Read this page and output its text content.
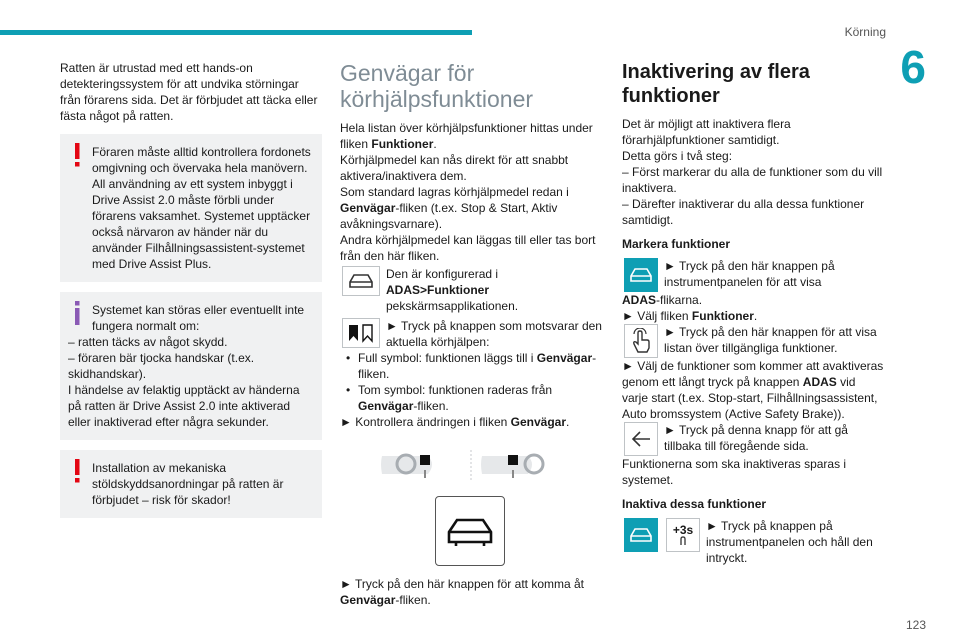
Körning
6

Ratten är utrustad med ett hands-on detekteringssystem för att undvika störningar från förarens sida. Det är förbjudet att täcka eller fästa något på ratten.

Föraren måste alltid kontrollera fordonets omgivning och övervaka hela manövern. All användning av ett system inbyggt i Drive Assist 2.0 måste förbli under förarens vaksamhet. Systemet upptäcker också närvaron av händer när du använder Filhållningsassistent-systemet med Drive Assist Plus.

Systemet kan störas eller eventuellt inte fungera normalt om:

– ratten täcks av något skydd.

– föraren bär tjocka handskar (t.ex. skidhandskar).

I händelse av felaktig upptäckt av händerna på ratten är Drive Assist 2.0 inte aktiverad eller inaktiverad efter några sekunder.

Installation av mekaniska stöldskyddsanordningar på ratten är förbjudet – risk för skador!

Genvägar för körhjälpsfunktioner

Hela listan över körhjälpsfunktioner hittas under fliken Funktioner.

Körhjälpmedel kan nås direkt för att snabbt aktivera/inaktivera dem.

Som standard lagras körhjälpmedel redan i Genvägar-fliken (t.ex. Stop & Start, Aktiv avåkningsvarnare).

Andra körhjälpmedel kan läggas till eller tas bort från den här fliken.

Den är konfigurerad i ADAS>Funktioner pekskärmsapplikationen.

► Tryck på knappen som motsvarar den aktuella körhjälpen:

• Full symbol: funktionen läggs till i Genvägar-fliken.

• Tom symbol: funktionen raderas från Genvägar-fliken.

► Kontrollera ändringen i fliken Genvägar.

► Tryck på den här knappen för att komma åt Genvägar-fliken.

Inaktivering av flera funktioner

Det är möjligt att inaktivera flera förarhjälpfunktioner samtidigt.

Detta görs i två steg:

– Först markerar du alla de funktioner som du vill inaktivera.

– Därefter inaktiverar du alla dessa funktioner samtidigt.

Markera funktioner

► Tryck på den här knappen på instrumentpanelen för att visa

ADAS-flikarna.

► Välj fliken Funktioner.

► Tryck på den här knappen för att visa listan över tillgängliga funktioner.

► Välj de funktioner som kommer att avaktiveras genom ett långt tryck på knappen ADAS vid varje start (t.ex. Stop-start, Filhållningsassistent, Auto bromssystem (Active Safety Brake)).

► Tryck på denna knapp för att gå tillbaka till föregående sida.

Funktionerna som ska inaktiveras sparas i systemet.

Inaktiva dessa funktioner
+3s ► Tryck på knappen på instrumentpanelen och håll den intryckt.

123
